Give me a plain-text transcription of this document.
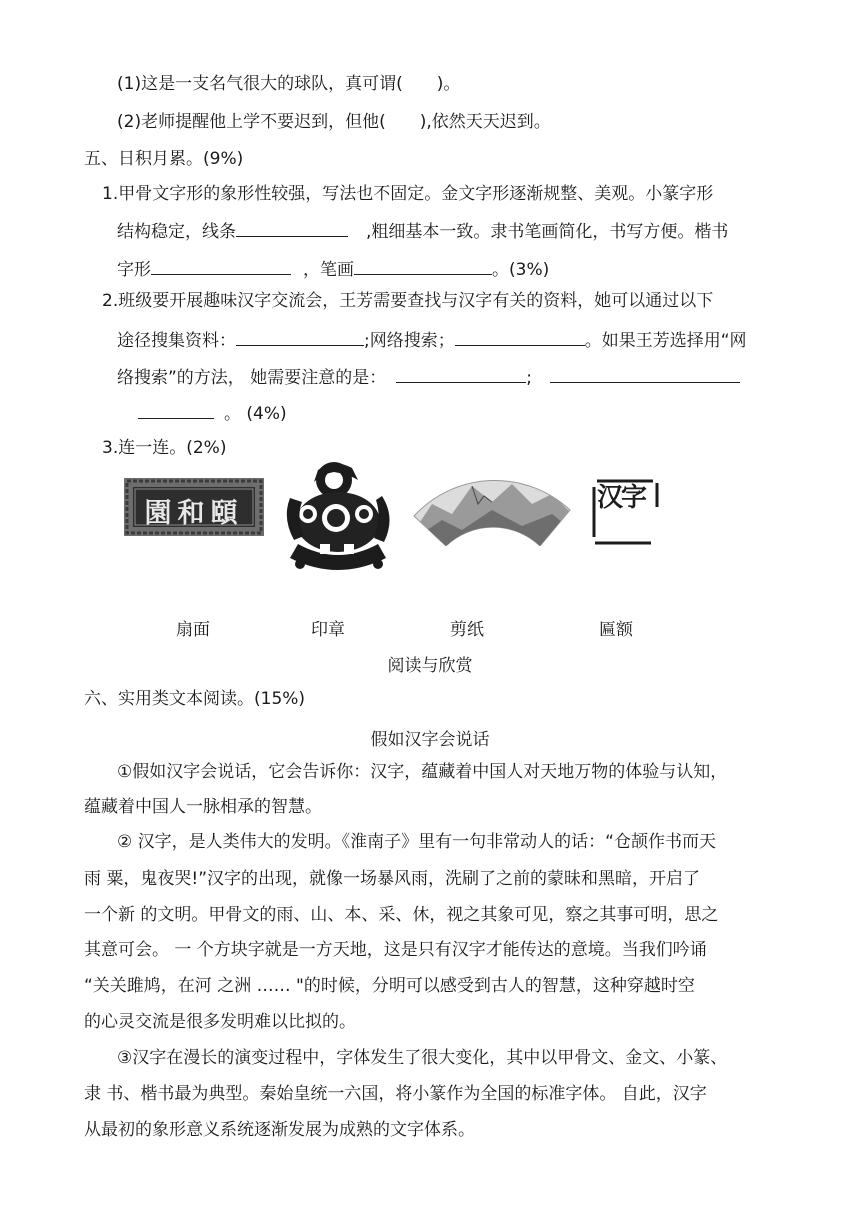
(1)这是一支名气很大的球队，真可谓(　　)。
(2)老师提醒他上学不要迟到，但他(　　),依然天天迟到。
五、日积月累。(9%)
1.甲骨文字形的象形性较强，写法也不固定。金文字形逐渐规整、美观。小篆字形
结构稳定，线条	,粗细基本一致。隶书笔画简化，书写方便。楷书
字形	，笔画	。(3%)
2.班级要开展趣味汉字交流会，王芳需要查找与汉字有关的资料，她可以通过以下
途径搜集资料：	;网络搜索；	。如果王芳选择用“网
络搜索”的方法， 她需要注意的是：	;
。 (4%)
3.连一连。(2%)
園和頤	汉字
扇面	印章	剪纸	匾额
阅读与欣赏
六、实用类文本阅读。(15%)
假如汉字会说话
①假如汉字会说话，它会告诉你：汉字，蕴藏着中国人对天地万物的体验与认知，
蕴藏着中国人一脉相承的智慧。
② 汉字，是人类伟大的发明。《淮南子》里有一句非常动人的话：“仓颉作书而天
雨 粟，鬼夜哭!”汉字的出现，就像一场暴风雨，洗刷了之前的蒙昧和黑暗，开启了
一个新 的文明。甲骨文的雨、山、本、采、休，视之其象可见，察之其事可明，思之
其意可会。 一 个方块字就是一方天地，这是只有汉字才能传达的意境。当我们吟诵
“关关雎鸠，在河 之洲 …… "的时候，分明可以感受到古人的智慧，这种穿越时空
的心灵交流是很多发明难以比拟的。
③汉字在漫长的演变过程中，字体发生了很大变化，其中以甲骨文、金文、小篆、
隶 书、楷书最为典型。秦始皇统一六国，将小篆作为全国的标准字体。 自此，汉字
从最初的象形意义系统逐渐发展为成熟的文字体系。
